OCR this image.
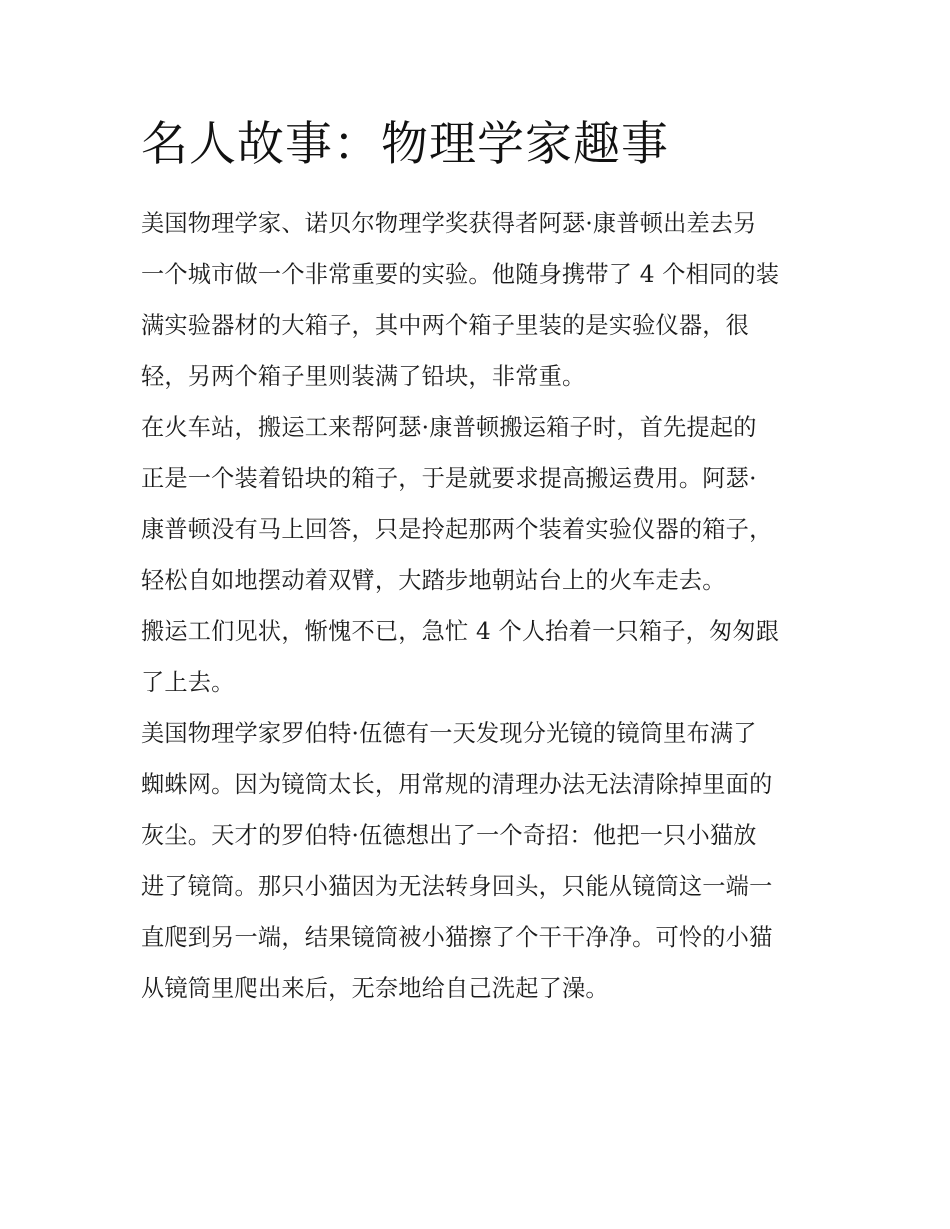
名人故事：物理学家趣事

美国物理学家、诺贝尔物理学奖获得者阿瑟·康普顿出差去另
一个城市做一个非常重要的实验。他随身携带了 4 个相同的装
满实验器材的大箱子，其中两个箱子里装的是实验仪器，很
轻，另两个箱子里则装满了铅块，非常重。

在火车站，搬运工来帮阿瑟·康普顿搬运箱子时，首先提起的
正是一个装着铅块的箱子，于是就要求提高搬运费用。阿瑟·
康普顿没有马上回答，只是拎起那两个装着实验仪器的箱子，
轻松自如地摆动着双臂，大踏步地朝站台上的火车走去。

搬运工们见状，惭愧不已，急忙 4 个人抬着一只箱子，匆匆跟
了上去。

美国物理学家罗伯特·伍德有一天发现分光镜的镜筒里布满了
蜘蛛网。因为镜筒太长，用常规的清理办法无法清除掉里面的
灰尘。天才的罗伯特·伍德想出了一个奇招：他把一只小猫放
进了镜筒。那只小猫因为无法转身回头，只能从镜筒这一端一
直爬到另一端，结果镜筒被小猫擦了个干干净净。可怜的小猫
从镜筒里爬出来后，无奈地给自己洗起了澡。
